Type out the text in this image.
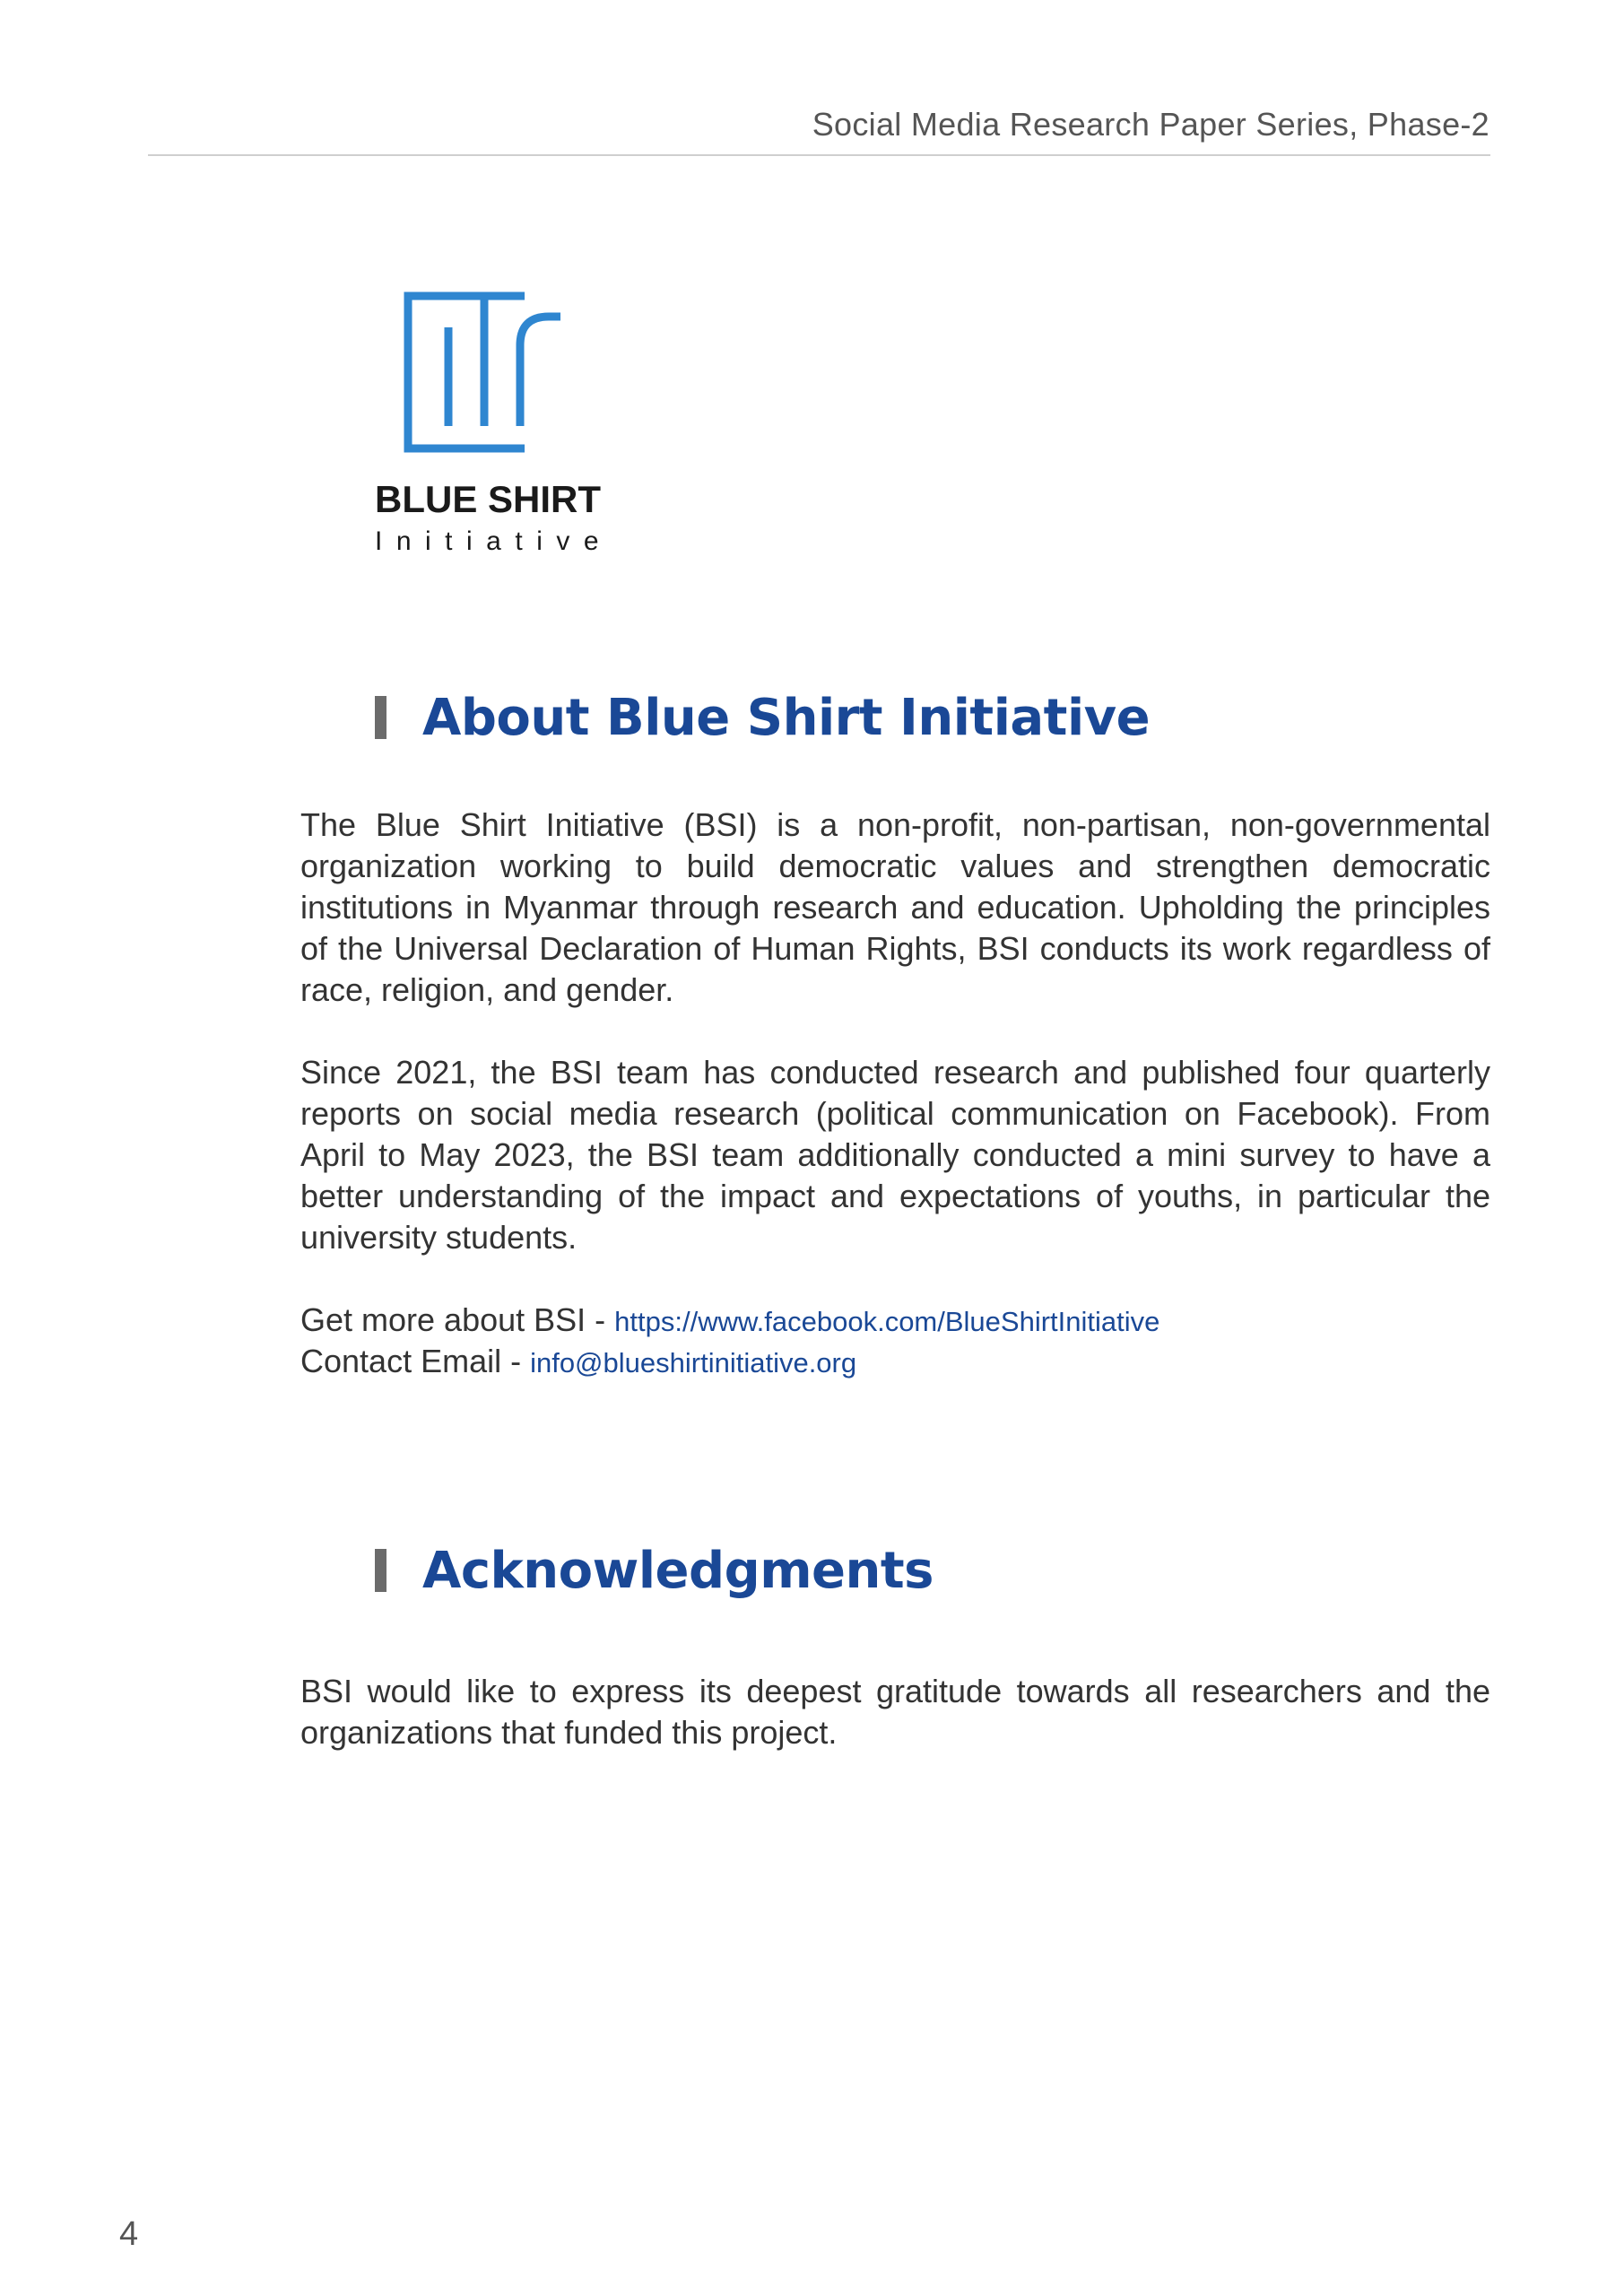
Social Media Research Paper Series, Phase-2
BLUE SHIRT
Initiative
About Blue Shirt Initiative

The Blue Shirt Initiative (BSI) is a non-profit, non-partisan, non-governmental organization working to build democratic values and strengthen democratic institutions in Myanmar through research and education. Upholding the principles of the Universal Declaration of Human Rights, BSI conducts its work regardless of race, religion, and gender.

Since 2021, the BSI team has conducted research and published four quarterly reports on social media research (political communication on Facebook). From April to May 2023, the BSI team additionally conducted a mini survey to have a better understanding of the impact and expectations of youths, in particular the university students.

Get more about BSI - https://www.facebook.com/BlueShirtInitiative
Contact Email - info@blueshirtinitiative.org
Acknowledgments

BSI would like to express its deepest gratitude towards all researchers and the organizations that funded this project.

4
